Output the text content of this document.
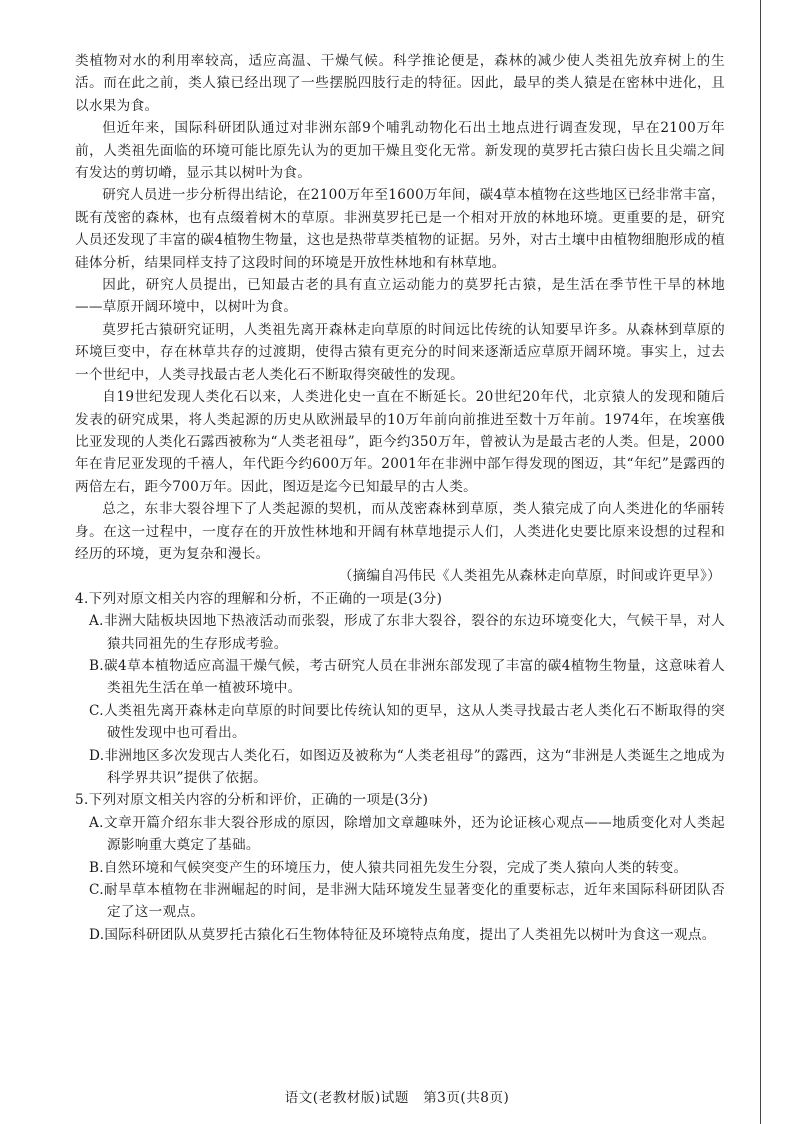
类植物对水的利用率较高，适应高温、干燥气候。科学推论便是，森林的减少使人类祖先放弃树上的生活。而在此之前，类人猿已经出现了一些摆脱四肢行走的特征。因此，最早的类人猿是在密林中进化，且以水果为食。

但近年来，国际科研团队通过对非洲东部9个哺乳动物化石出土地点进行调查发现，早在2100万年前，人类祖先面临的环境可能比原先认为的更加干燥且变化无常。新发现的莫罗托古猿臼齿长且尖端之间有发达的剪切嵴，显示其以树叶为食。

研究人员进一步分析得出结论，在2100万年至1600万年间，碳4草本植物在这些地区已经非常丰富，既有茂密的森林，也有点缀着树木的草原。非洲莫罗托已是一个相对开放的林地环境。更重要的是，研究人员还发现了丰富的碳4植物生物量，这也是热带草类植物的证据。另外，对古土壤中由植物细胞形成的植硅体分析，结果同样支持了这段时间的环境是开放性林地和有林草地。

因此，研究人员提出，已知最古老的具有直立运动能力的莫罗托古猿，是生活在季节性干旱的林地——草原开阔环境中，以树叶为食。

莫罗托古猿研究证明，人类祖先离开森林走向草原的时间远比传统的认知要早许多。从森林到草原的环境巨变中，存在林草共存的过渡期，使得古猿有更充分的时间来逐渐适应草原开阔环境。事实上，过去一个世纪中，人类寻找最古老人类化石不断取得突破性的发现。

自19世纪发现人类化石以来，人类进化史一直在不断延长。20世纪20年代，北京猿人的发现和随后发表的研究成果，将人类起源的历史从欧洲最早的10万年前向前推进至数十万年前。1974年，在埃塞俄比亚发现的人类化石露西被称为“人类老祖母”，距今约350万年，曾被认为是最古老的人类。但是，2000年在肯尼亚发现的千禧人，年代距今约600万年。2001年在非洲中部乍得发现的图迈，其“年纪”是露西的两倍左右，距今700万年。因此，图迈是迄今已知最早的古人类。

总之，东非大裂谷埋下了人类起源的契机，而从茂密森林到草原，类人猿完成了向人类进化的华丽转身。在这一过程中，一度存在的开放性林地和开阔有林草地提示人们，人类进化史要比原来设想的过程和经历的环境，更为复杂和漫长。

（摘编自冯伟民《人类祖先从森林走向草原，时间或许更早》）

4.下列对原文相关内容的理解和分析，不正确的一项是(3分)

A.非洲大陆板块因地下热液活动而张裂，形成了东非大裂谷，裂谷的东边环境变化大，气候干旱，对人猿共同祖先的生存形成考验。

B.碳4草本植物适应高温干燥气候，考古研究人员在非洲东部发现了丰富的碳4植物生物量，这意味着人类祖先生活在单一植被环境中。

C.人类祖先离开森林走向草原的时间要比传统认知的更早，这从人类寻找最古老人类化石不断取得的突破性发现中也可看出。

D.非洲地区多次发现古人类化石，如图迈及被称为“人类老祖母”的露西，这为“非洲是人类诞生之地成为科学界共识”提供了依据。

5.下列对原文相关内容的分析和评价，正确的一项是(3分)

A.文章开篇介绍东非大裂谷形成的原因，除增加文章趣味外，还为论证核心观点——地质变化对人类起源影响重大奠定了基础。

B.自然环境和气候突变产生的环境压力，使人猿共同祖先发生分裂，完成了类人猿向人类的转变。

C.耐旱草本植物在非洲崛起的时间，是非洲大陆环境发生显著变化的重要标志，近年来国际科研团队否定了这一观点。

D.国际科研团队从莫罗托古猿化石生物体特征及环境特点角度，提出了人类祖先以树叶为食这一观点。

语文(老教材版)试题　第3页(共8页)
